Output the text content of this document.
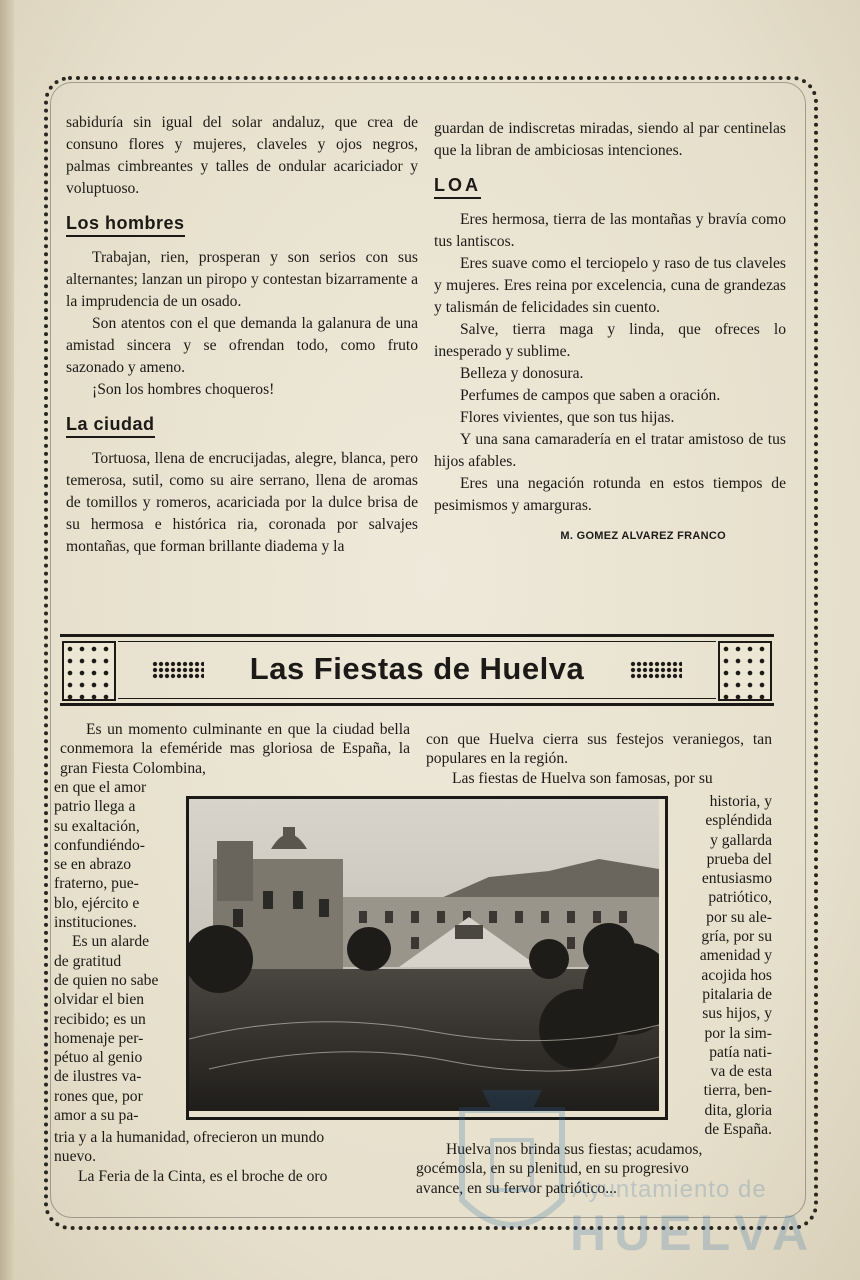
sabiduría sin igual del solar andaluz, que crea de consuno flores y mujeres, claveles y ojos negros, palmas cimbreantes y talles de ondular acariciador y voluptuoso.

Los hombres

Trabajan, rien, prosperan y son serios con sus alternantes; lanzan un piropo y contestan bizarramente a la imprudencia de un osado.

Son atentos con el que demanda la galanura de una amistad sincera y se ofrendan todo, como fruto sazonado y ameno.

¡Son los hombres choqueros!

La ciudad

Tortuosa, llena de encrucijadas, alegre, blanca, pero temerosa, sutil, como su aire serrano, llena de aromas de tomillos y romeros, acariciada por la dulce brisa de su hermosa e histórica ria, coronada por salvajes montañas, que forman brillante diadema y la

guardan de indiscretas miradas, siendo al par centinelas que la libran de ambiciosas intenciones.

LOA

Eres hermosa, tierra de las montañas y bravía como tus lantiscos.

Eres suave como el terciopelo y raso de tus claveles y mujeres. Eres reina por excelencia, cuna de grandezas y talismán de felicidades sin cuento.

Salve, tierra maga y linda, que ofreces lo inesperado y sublime.

Belleza y donosura.

Perfumes de campos que saben a oración.

Flores vivientes, que son tus hijas.

Y una sana camaradería en el tratar amistoso de tus hijos afables.

Eres una negación rotunda en estos tiempos de pesimismos y amarguras.

M. GOMEZ ALVAREZ FRANCO
Las Fiestas de Huelva

Es un momento culminante en que la ciudad bella conmemora la efeméride mas gloriosa de España, la gran Fiesta Colombina,

en que el amor
patrio llega a
su exaltación,
confundiéndo-
se en abrazo
fraterno, pue-
blo, ejército e
instituciones.
Es un alarde
de gratitud
de quien no sabe
olvidar el bien
recibido; es un
homenaje per-
pétuo al genio
de ilustres va-
rones que, por
amor a su pa-
tria y a la humanidad, ofrecieron un mundo
nuevo.
La Feria de la Cinta, es el broche de oro

con que Huelva cierra sus festejos veraniegos, tan populares en la región.

Las fiestas de Huelva son famosas, por su

historia, y
espléndida
y gallarda
prueba del
entusiasmo
patriótico,
por su ale-
gría, por su
amenidad y
acojida hos
pitalaria de
sus hijos, y
por la sim-
patía nati-
va de esta
tierra, ben-
dita, gloria
de España.
Huelva nos brinda sus fiestas; acudamos,
gocémosla, en su plenitud, en su progresivo
avance, en su fervor patriótico...
Ayuntamiento de
HUELVA
